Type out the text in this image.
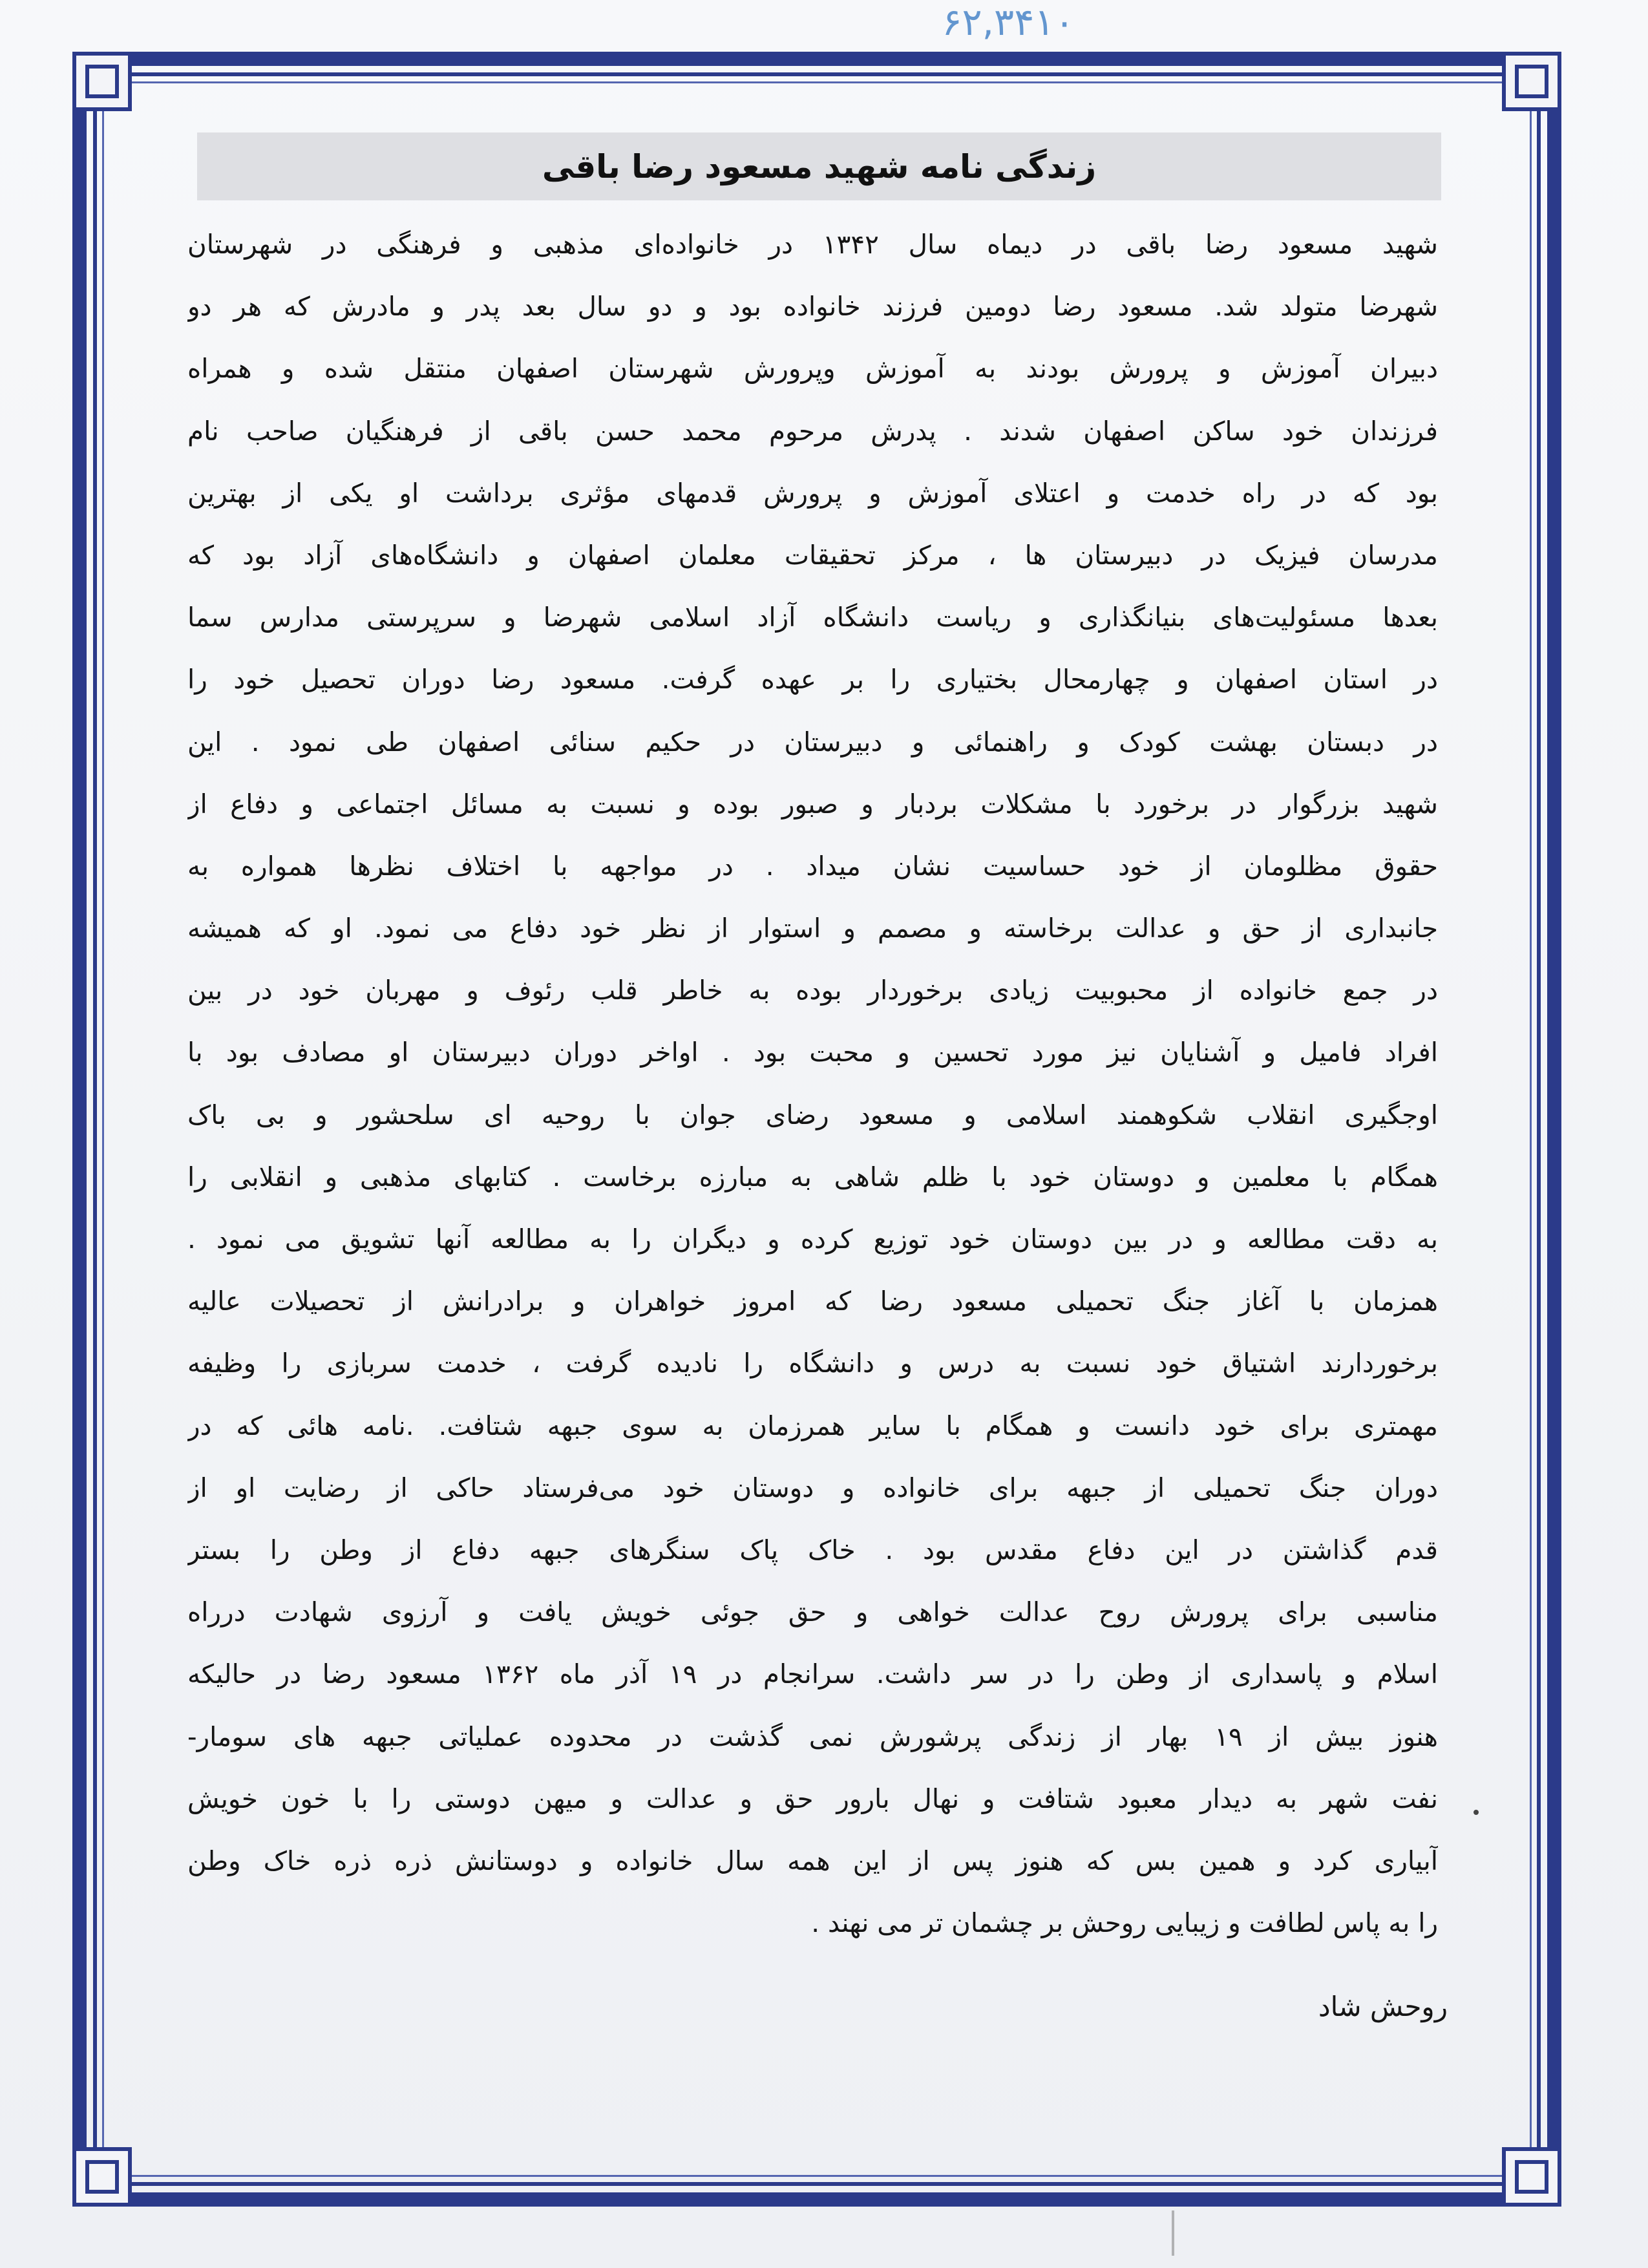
۶۲,۳۴۱۰
زندگی نامه شهید مسعود رضا باقی
شهید مسعود رضا باقی در دیماه سال ۱۳۴۲ در خانواده‌ای مذهبی و فرهنگی در شهرستان
شهرضا متولد شد. مسعود رضا دومین فرزند خانواده بود و دو سال بعد پدر و مادرش که هر دو
دبیران آموزش و پرورش بودند به آموزش وپرورش شهرستان اصفهان منتقل شده و همراه
فرزندان خود ساکن اصفهان شدند . پدرش مرحوم محمد حسن باقی از فرهنگیان صاحب نام
بود که در راه خدمت و اعتلای آموزش و پرورش قدمهای مؤثری برداشت او یکی از بهترین
مدرسان فیزیک در دبیرستان ها ، مرکز تحقیقات معلمان اصفهان و دانشگاه‌های آزاد بود که
بعدها مسئولیت‌های بنیانگذاری و ریاست دانشگاه آزاد اسلامی شهرضا و سرپرستی مدارس سما
در استان اصفهان و چهارمحال بختیاری را بر عهده گرفت. مسعود رضا دوران تحصیل خود را
در دبستان بهشت کودک و راهنمائی و دبیرستان در حکیم سنائی اصفهان طی نمود . این
شهید بزرگوار در برخورد با مشکلات بردبار و صبور بوده و نسبت به مسائل اجتماعی و دفاع از
حقوق مظلومان از خود حساسیت نشان میداد . در مواجهه با اختلاف نظرها همواره به
جانبداری از حق و عدالت برخاسته و مصمم و استوار از نظر خود دفاع می نمود. او که همیشه
در جمع خانواده از محبوبیت زیادی برخوردار بوده به خاطر قلب رئوف و مهربان خود در بین
افراد فامیل و آشنایان نیز مورد تحسین و محبت بود . اواخر دوران دبیرستان او مصادف بود با
اوجگیری انقلاب شکوهمند اسلامی و مسعود رضای جوان با روحیه ای سلحشور و بی باک
همگام با معلمین و دوستان خود با ظلم شاهی به مبارزه برخاست . کتابهای مذهبی و انقلابی را
به دقت مطالعه و در بین دوستان خود توزیع کرده و دیگران را به مطالعه آنها تشویق می نمود .
همزمان با آغاز جنگ تحمیلی مسعود رضا که امروز خواهران و برادرانش از تحصیلات عالیه
برخوردارند اشتیاق خود نسبت به درس و دانشگاه را نادیده گرفت ، خدمت سربازی را وظیفه
مهمتری برای خود دانست و همگام با سایر همرزمان به سوی جبهه شتافت. .نامه هائی که در
دوران جنگ تحمیلی از جبهه برای خانواده و دوستان خود می‌فرستاد حاکی از رضایت او از
قدم گذاشتن در این دفاع مقدس بود . خاک پاک سنگرهای جبهه دفاع از وطن را بستر
مناسبی برای پرورش روح عدالت خواهی و حق جوئی خویش یافت و آرزوی شهادت درراه
اسلام و پاسداری از وطن را در سر داشت. سرانجام در ۱۹ آذر ماه ۱۳۶۲ مسعود رضا در حالیکه
هنوز بیش از ۱۹ بهار از زندگی پرشورش نمی گذشت در محدوده عملیاتی جبهه های سومار-
نفت شهر به دیدار معبود شتافت و نهال بارور حق و عدالت و میهن دوستی را با خون خویش
آبیاری کرد و همین بس که هنوز پس از این همه سال خانواده و دوستانش ذره ذره خاک وطن
را به پاس لطافت و زیبایی روحش بر چشمان تر می نهند .
روحش شاد
